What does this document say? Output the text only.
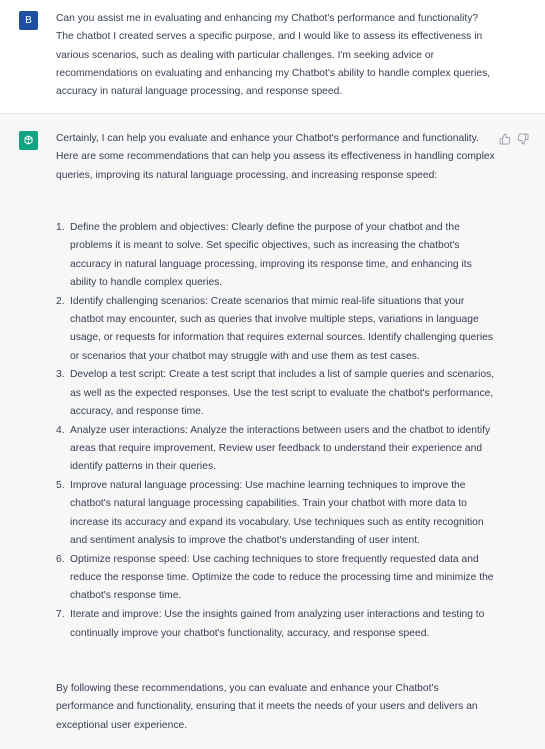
B	Can you assist me in evaluating and enhancing my Chatbot's performance and functionality? The chatbot I created serves a specific purpose, and I would like to assess its effectiveness in various scenarios, such as dealing with particular challenges. I'm seeking advice or recommendations on evaluating and enhancing my Chatbot's ability to handle complex queries, accuracy in natural language processing, and response speed.
Certainly, I can help you evaluate and enhance your Chatbot's performance and functionality. Here are some recommendations that can help you assess its effectiveness in handling complex queries, improving its natural language processing, and increasing response speed:
1. Define the problem and objectives: Clearly define the purpose of your chatbot and the problems it is meant to solve. Set specific objectives, such as increasing the chatbot's accuracy in natural language processing, improving its response time, and enhancing its ability to handle complex queries.
2. Identify challenging scenarios: Create scenarios that mimic real-life situations that your chatbot may encounter, such as queries that involve multiple steps, variations in language usage, or requests for information that requires external sources. Identify challenging queries or scenarios that your chatbot may struggle with and use them as test cases.
3. Develop a test script: Create a test script that includes a list of sample queries and scenarios, as well as the expected responses. Use the test script to evaluate the chatbot's performance, accuracy, and response time.
4. Analyze user interactions: Analyze the interactions between users and the chatbot to identify areas that require improvement. Review user feedback to understand their experience and identify patterns in their queries.
5. Improve natural language processing: Use machine learning techniques to improve the chatbot's natural language processing capabilities. Train your chatbot with more data to increase its accuracy and expand its vocabulary. Use techniques such as entity recognition and sentiment analysis to improve the chatbot's understanding of user intent.
6. Optimize response speed: Use caching techniques to store frequently requested data and reduce the response time. Optimize the code to reduce the processing time and minimize the chatbot's response time.
7. Iterate and improve: Use the insights gained from analyzing user interactions and testing to continually improve your chatbot's functionality, accuracy, and response speed.
By following these recommendations, you can evaluate and enhance your Chatbot's performance and functionality, ensuring that it meets the needs of your users and delivers an exceptional user experience.
